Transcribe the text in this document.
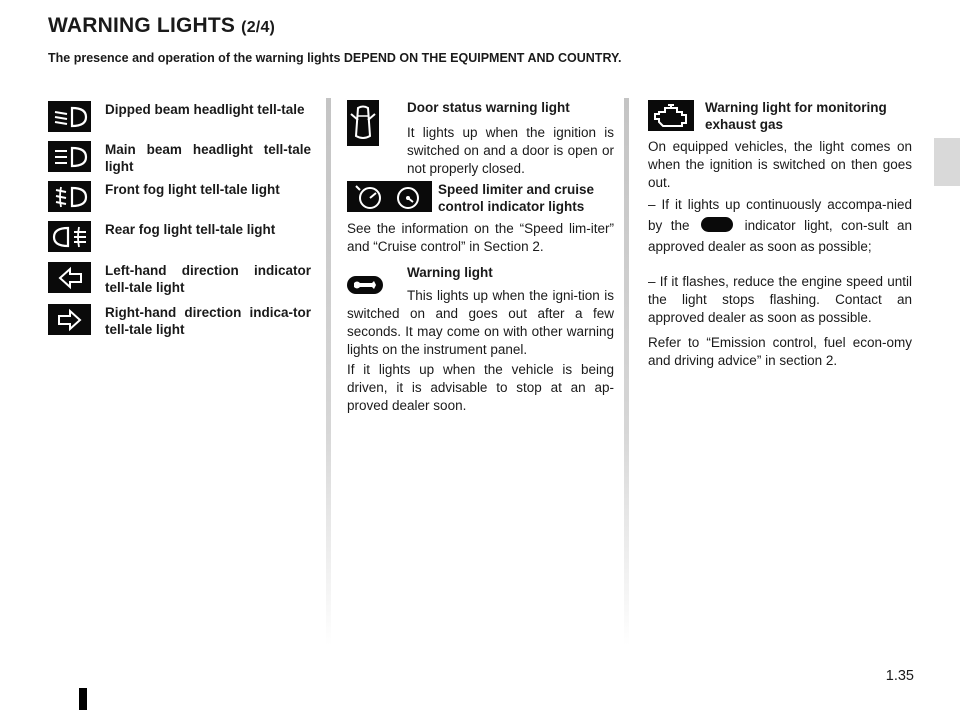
WARNING LIGHTS (2/4)

The presence and operation of the warning lights DEPEND ON THE EQUIPMENT AND COUNTRY.

Dipped beam headlight tell-tale
Main beam headlight tell-tale light
Front fog light tell-tale light
Rear fog light tell-tale light
Left-hand direction indicator tell-tale light
Right-hand direction indica-tor tell-tale light

Door status warning light

It lights up when the ignition is switched on and a door is open or not properly closed.

Speed limiter and cruise control indicator lights

See the information on the “Speed lim-iter” and “Cruise control” in Section 2.

Warning light

This lights up when the igni-tion is switched on and goes out after a few seconds. It may come on with other warning lights on the instrument panel.

If it lights up when the vehicle is being driven, it is advisable to stop at an ap-proved dealer soon.

Warning light for monitoring exhaust gas

On equipped vehicles, the light comes on when the ignition is switched on then goes out.

– If it lights up continuously accompa-nied by the	indicator light, con-sult an approved dealer as soon as possible;

– If it flashes, reduce the engine speed until the light stops flashing. Contact an approved dealer as soon as possible.

Refer to “Emission control, fuel econ-omy and driving advice” in section 2.

1.35
